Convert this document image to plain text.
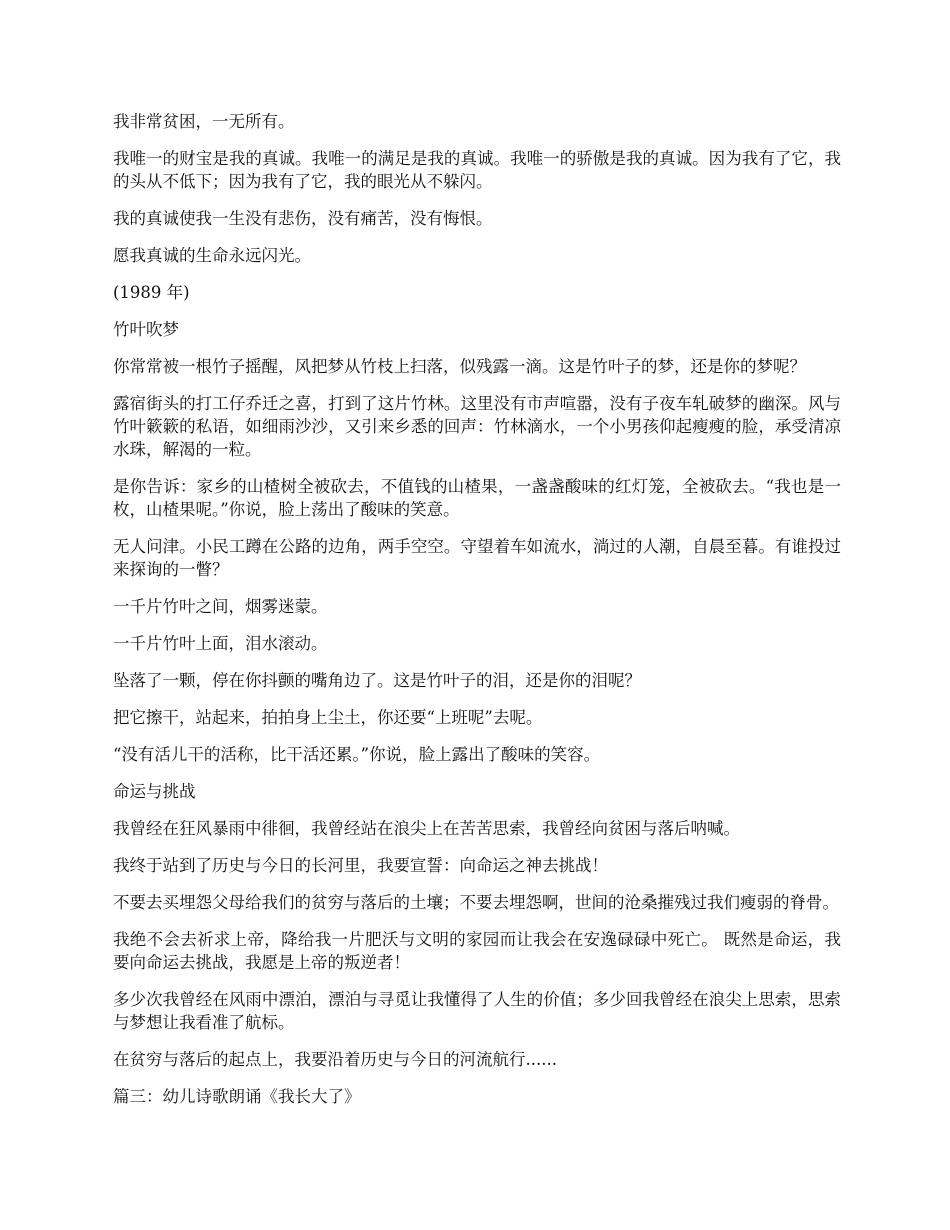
我非常贫困，一无所有。

我唯一的财宝是我的真诚。我唯一的满足是我的真诚。我唯一的骄傲是我的真诚。因为我有了它，我的头从不低下；因为我有了它，我的眼光从不躲闪。

我的真诚使我一生没有悲伤，没有痛苦，没有悔恨。

愿我真诚的生命永远闪光。

(1989 年)

竹叶吹梦

你常常被一根竹子摇醒，风把梦从竹枝上扫落，似残露一滴。这是竹叶子的梦，还是你的梦呢？

露宿街头的打工仔乔迁之喜，打到了这片竹林。这里没有市声喧嚣，没有子夜车轧破梦的幽深。风与竹叶簌簌的私语，如细雨沙沙，又引来乡悉的回声：竹林滴水，一个小男孩仰起瘦瘦的脸，承受清凉水珠，解渴的一粒。

是你告诉：家乡的山楂树全被砍去，不值钱的山楂果，一盏盏酸味的红灯笼，全被砍去。“我也是一枚，山楂果呢。”你说，脸上荡出了酸味的笑意。

无人问津。小民工蹲在公路的边角，两手空空。守望着车如流水，淌过的人潮，自晨至暮。有谁投过来探询的一瞥？

一千片竹叶之间，烟雾迷蒙。

一千片竹叶上面，泪水滚动。

坠落了一颗，停在你抖颤的嘴角边了。这是竹叶子的泪，还是你的泪呢？

把它擦干，站起来，拍拍身上尘土，你还要“上班呢”去呢。

“没有活儿干的活称，比干活还累。”你说，脸上露出了酸味的笑容。

命运与挑战

我曾经在狂风暴雨中徘徊，我曾经站在浪尖上在苦苦思索，我曾经向贫困与落后呐喊。

我终于站到了历史与今日的长河里，我要宣誓：向命运之神去挑战！

不要去买埋怨父母给我们的贫穷与落后的土壤；不要去埋怨啊，世间的沧桑摧残过我们瘦弱的脊骨。

我绝不会去祈求上帝，降给我一片肥沃与文明的家园而让我会在安逸碌碌中死亡。 既然是命运，我要向命运去挑战，我愿是上帝的叛逆者！

多少次我曾经在风雨中漂泊，漂泊与寻觅让我懂得了人生的价值；多少回我曾经在浪尖上思索，思索与梦想让我看准了航标。

在贫穷与落后的起点上，我要沿着历史与今日的河流航行......

篇三：幼儿诗歌朗诵《我长大了》
